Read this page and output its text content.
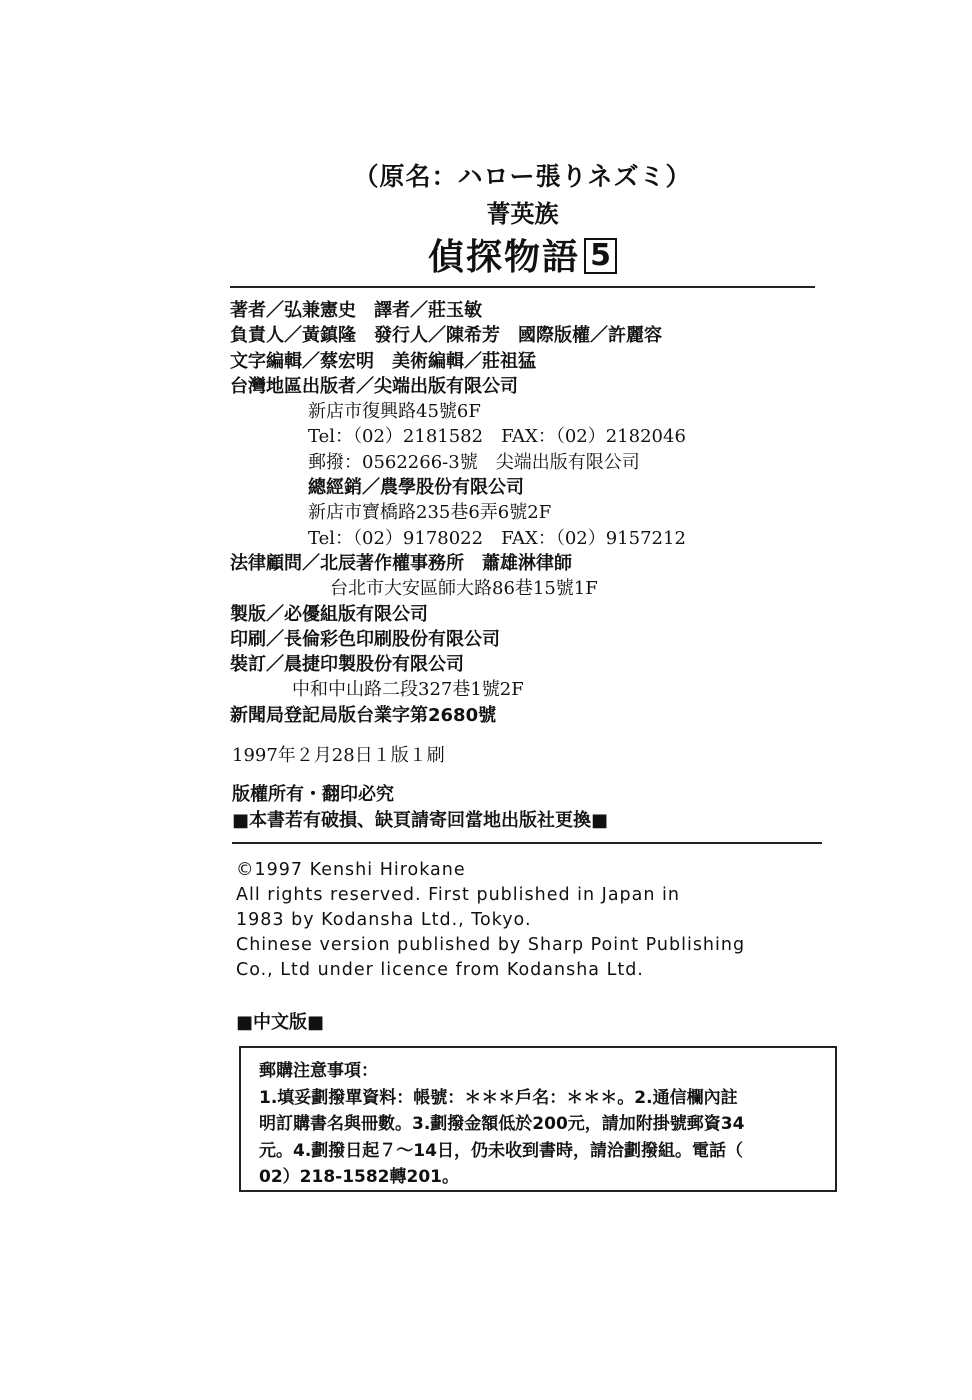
（原名：ハロー張りネズミ）
菁英族
偵探物語 5
著者／弘兼憲史　譯者／莊玉敏
負責人／黃鎮隆　發行人／陳希芳　國際版權／許麗容
文字編輯／蔡宏明　美術編輯／莊祖猛
台灣地區出版者／尖端出版有限公司
新店市復興路45號6F
Tel：（02）2181582　FAX：（02）2182046
郵撥：0562266-3號　尖端出版有限公司
總經銷／農學股份有限公司
新店市寶橋路235巷6弄6號2F
Tel：（02）9178022　FAX：（02）9157212
法律顧問／北辰著作權事務所　蕭雄淋律師
台北市大安區師大路86巷15號1F
製版／必優組版有限公司
印刷／長倫彩色印刷股份有限公司
裝訂／晨捷印製股份有限公司
中和中山路二段327巷1號2F
新聞局登記局版台業字第2680號
1997年２月28日１版１刷
版權所有・翻印必究
■本書若有破損、缺頁請寄回當地出版社更換■
©1997 Kenshi Hirokane
All rights reserved. First published in Japan in
1983 by Kodansha Ltd., Tokyo.
Chinese version published by Sharp Point Publishing
Co., Ltd under licence from Kodansha Ltd.
■中文版■
郵購注意事項：
1.填妥劃撥單資料：帳號：＊＊＊戶名：＊＊＊。2.通信欄內註
明訂購書名與冊數。3.劃撥金額低於200元，請加附掛號郵資34
元。4.劃撥日起７～14日，仍未收到書時，請洽劃撥組。電話（
02）218-1582轉201。
